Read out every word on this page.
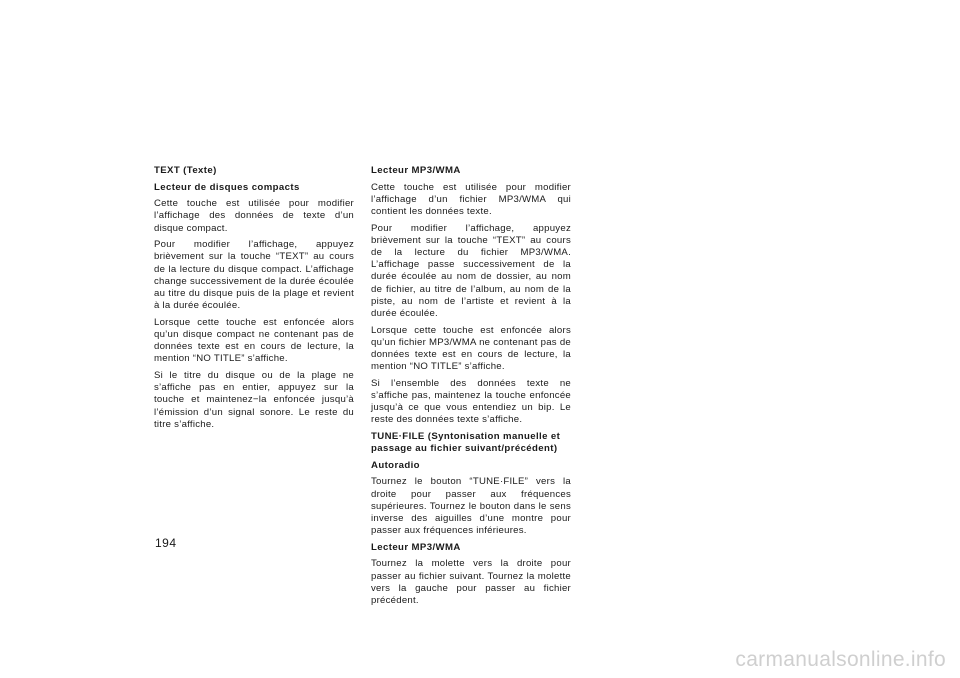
TEXT (Texte)

Lecteur de disques compacts

Cette touche est utilisée pour modifier l’affichage des données de texte d’un disque compact.

Pour modifier l’affichage, appuyez brièvement sur la touche “TEXT” au cours de la lecture du disque compact. L’affichage change successivement de la durée écoulée au titre du disque puis de la plage et revient à la durée écoulée.

Lorsque cette touche est enfoncée alors qu’un disque compact ne contenant pas de données texte est en cours de lecture, la mention “NO TITLE” s’affiche.

Si le titre du disque ou de la plage ne s’affiche pas en entier, appuyez sur la touche et maintenez−la enfoncée jusqu’à l’émission d’un signal sonore. Le reste du titre s’affiche.

Lecteur MP3/WMA

Cette touche est utilisée pour modifier l’affichage d’un fichier MP3/WMA qui contient les données texte.

Pour modifier l’affichage, appuyez brièvement sur la touche “TEXT” au cours de la lecture du fichier MP3/WMA. L’affichage passe successivement de la durée écoulée au nom de dossier, au nom de fichier, au titre de l’album, au nom de la piste, au nom de l’artiste et revient à la durée écoulée.

Lorsque cette touche est enfoncée alors qu’un fichier MP3/WMA ne contenant pas de données texte est en cours de lecture, la mention “NO TITLE” s’affiche.

Si l’ensemble des données texte ne s’affiche pas, maintenez la touche enfoncée jusqu’à ce que vous entendiez un bip. Le reste des données texte s’affiche.

TUNE·FILE (Syntonisation manuelle et passage au fichier suivant/précédent)

Autoradio

Tournez le bouton “TUNE·FILE” vers la droite pour passer aux fréquences supérieures. Tournez le bouton dans le sens inverse des aiguilles d’une montre pour passer aux fréquences inférieures.

Lecteur MP3/WMA

Tournez la molette vers la droite pour passer au fichier suivant. Tournez la molette vers la gauche pour passer au fichier précédent.

194
carmanualsonline.info
